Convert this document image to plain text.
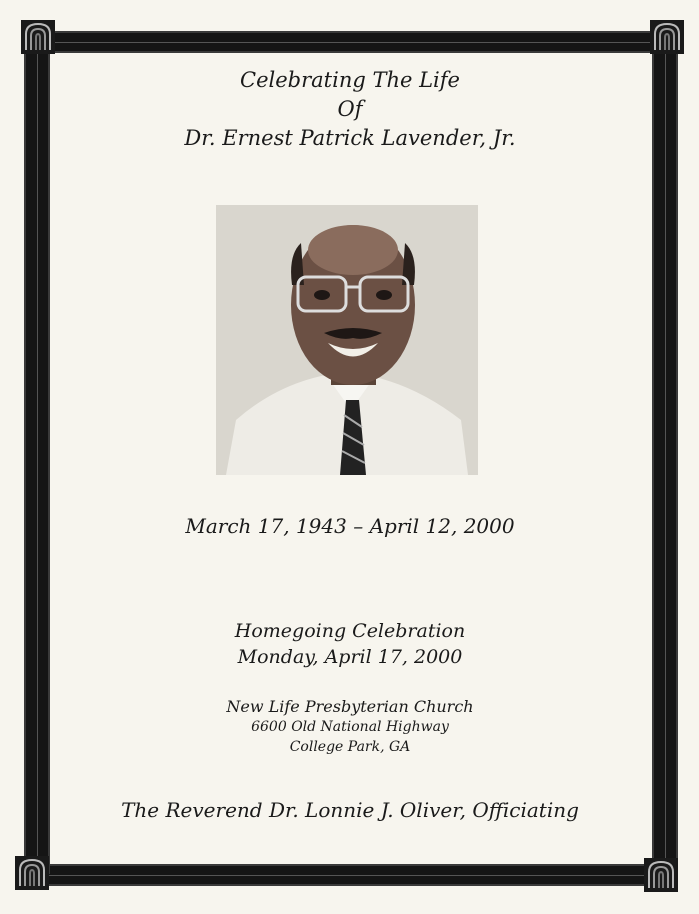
Celebrating The Life
Of
Dr. Ernest Patrick Lavender, Jr.
March 17, 1943 – April 12, 2000
Homegoing Celebration
Monday, April 17, 2000
New Life Presbyterian Church
6600 Old National Highway
College Park, GA
The Reverend Dr. Lonnie J. Oliver, Officiating
